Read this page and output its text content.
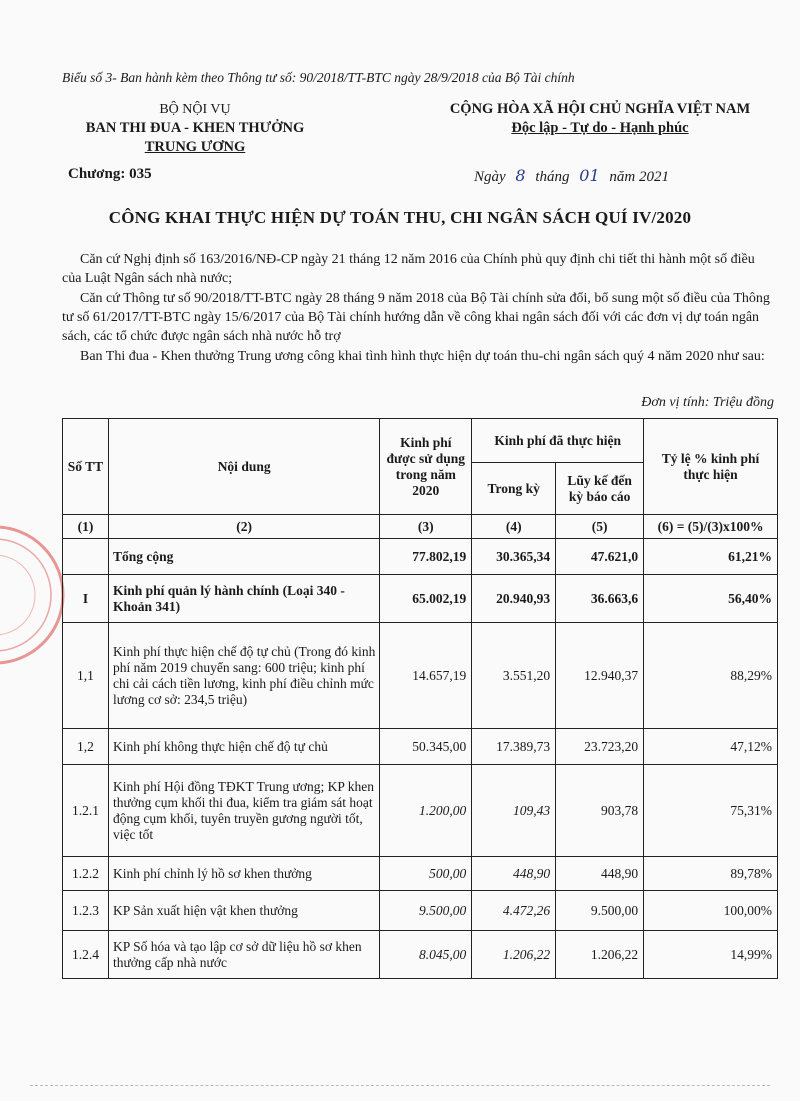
Biểu số 3- Ban hành kèm theo Thông tư số: 90/2018/TT-BTC ngày 28/9/2018 của Bộ Tài chính
BỘ NỘI VỤ
BAN THI ĐUA - KHEN THƯỞNG
TRUNG ƯƠNG
CỘNG HÒA XÃ HỘI CHỦ NGHĨA VIỆT NAM
Độc lập - Tự do - Hạnh phúc
Chương: 035	Ngày 8 tháng 01 năm 2021
CÔNG KHAI THỰC HIỆN DỰ TOÁN THU, CHI NGÂN SÁCH QUÍ IV/2020
Căn cứ Nghị định số 163/2016/NĐ-CP ngày 21 tháng 12 năm 2016 của Chính phủ quy định chi tiết thi hành một số điều của Luật Ngân sách nhà nước;
Căn cứ Thông tư số 90/2018/TT-BTC ngày 28 tháng 9 năm 2018 của Bộ Tài chính sửa đổi, bổ sung một số điều của Thông tư số 61/2017/TT-BTC ngày 15/6/2017 của Bộ Tài chính hướng dẫn về công khai ngân sách đối với các đơn vị dự toán ngân sách, các tổ chức được ngân sách nhà nước hỗ trợ
Ban Thi đua - Khen thưởng Trung ương công khai tình hình thực hiện dự toán thu-chi ngân sách quý 4 năm 2020 như sau:
Đơn vị tính: Triệu đồng
Số TT	Nội dung	Kinh phí được sử dụng trong năm 2020	Kinh phí đã thực hiện		Tỷ lệ % kinh phí thực hiện
			Trong kỳ	Lũy kế đến kỳ báo cáo	
(1)	(2)	(3)	(4)	(5)	(6) = (5)/(3)x100%
	Tổng cộng	77.802,19	30.365,34	47.621,0	61,21%
I	Kinh phí quản lý hành chính (Loại 340 - Khoản 341)	65.002,19	20.940,93	36.663,6	56,40%
1,1	Kinh phí thực hiện chế độ tự chủ (Trong đó kinh phí năm 2019 chuyển sang: 600 triệu; kinh phí chi cải cách tiền lương, kinh phí điều chỉnh mức lương cơ sở: 234,5 triệu)	14.657,19	3.551,20	12.940,37	88,29%
1,2	Kinh phí không thực hiện chế độ tự chủ	50.345,00	17.389,73	23.723,20	47,12%
1.2.1	Kinh phí Hội đồng TĐKT Trung ương; KP khen thưởng cụm khối thi đua, kiểm tra giám sát hoạt động cụm khối, tuyên truyền gương người tốt, việc tốt	1.200,00	109,43	903,78	75,31%
1.2.2	Kinh phí chỉnh lý hồ sơ khen thưởng	500,00	448,90	448,90	89,78%
1.2.3	KP Sản xuất hiện vật khen thưởng	9.500,00	4.472,26	9.500,00	100,00%
1.2.4	KP Số hóa và tạo lập cơ sở dữ liệu hồ sơ khen thưởng cấp nhà nước	8.045,00	1.206,22	1.206,22	14,99%
